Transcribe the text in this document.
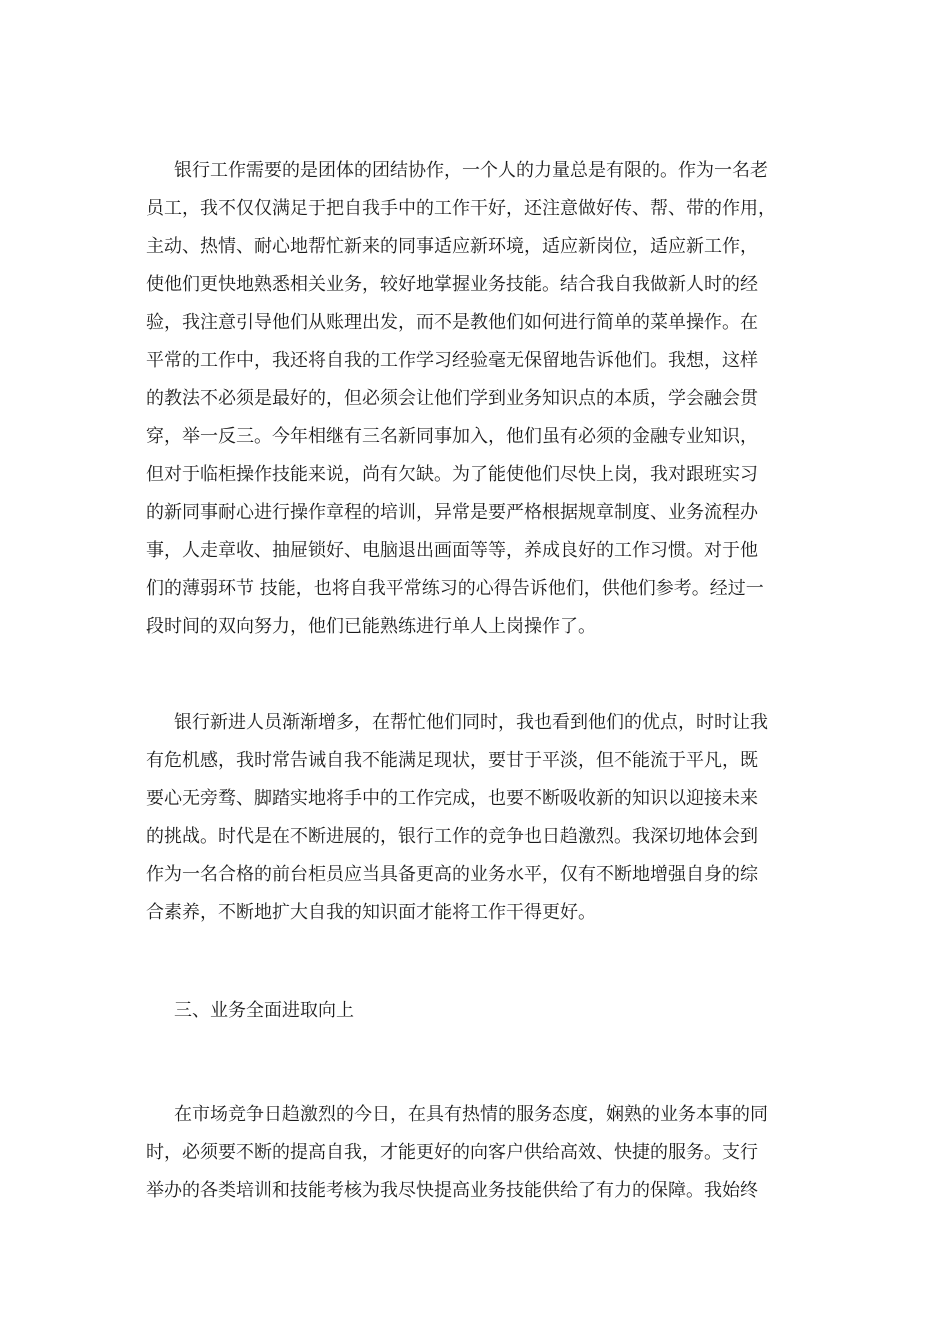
银行工作需要的是团体的团结协作，一个人的力量总是有限的。作为一名老
员工，我不仅仅满足于把自我手中的工作干好，还注意做好传、帮、带的作用，
主动、热情、耐心地帮忙新来的同事适应新环境，适应新岗位，适应新工作，
使他们更快地熟悉相关业务，较好地掌握业务技能。结合我自我做新人时的经
验，我注意引导他们从账理出发，而不是教他们如何进行简单的菜单操作。在
平常的工作中，我还将自我的工作学习经验毫无保留地告诉他们。我想，这样
的教法不必须是最好的，但必须会让他们学到业务知识点的本质，学会融会贯
穿，举一反三。今年相继有三名新同事加入，他们虽有必须的金融专业知识，
但对于临柜操作技能来说，尚有欠缺。为了能使他们尽快上岗，我对跟班实习
的新同事耐心进行操作章程的培训，异常是要严格根据规章制度、业务流程办
事，人走章收、抽屉锁好、电脑退出画面等等，养成良好的工作习惯。对于他
们的薄弱环节 技能，也将自我平常练习的心得告诉他们，供他们参考。经过一
段时间的双向努力，他们已能熟练进行单人上岗操作了。
银行新进人员渐渐增多，在帮忙他们同时，我也看到他们的优点，时时让我
有危机感，我时常告诫自我不能满足现状，要甘于平淡，但不能流于平凡，既
要心无旁骛、脚踏实地将手中的工作完成，也要不断吸收新的知识以迎接未来
的挑战。时代是在不断进展的，银行工作的竞争也日趋激烈。我深切地体会到
作为一名合格的前台柜员应当具备更高的业务水平，仅有不断地增强自身的综
合素养，不断地扩大自我的知识面才能将工作干得更好。
三、业务全面进取向上
在市场竞争日趋激烈的今日，在具有热情的服务态度，娴熟的业务本事的同
时，必须要不断的提高自我，才能更好的向客户供给高效、快捷的服务。支行
举办的各类培训和技能考核为我尽快提高业务技能供给了有力的保障。我始终
